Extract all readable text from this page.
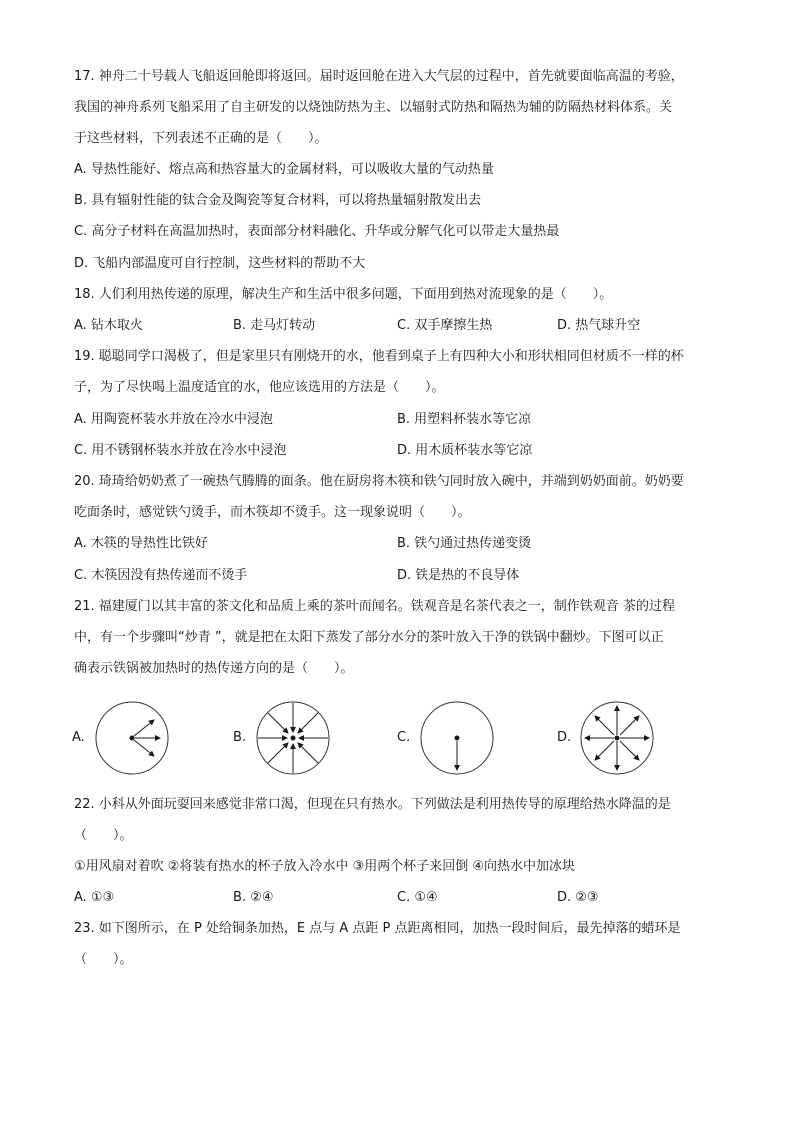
17. 神舟二十号载人飞船返回舱即将返回。届时返回舱在进入大气层的过程中，首先就要面临高温的考验，
我国的神舟系列飞船采用了自主研发的以烧蚀防热为主、以辐射式防热和隔热为辅的防隔热材料体系。关
于这些材料，下列表述不正确的是（　　）。
A. 导热性能好、熔点高和热容量大的金属材料，可以吸收大量的气动热量
B. 具有辐射性能的钛合金及陶瓷等复合材料，可以将热量辐射散发出去
C. 高分子材料在高温加热时，表面部分材料融化、升华或分解气化可以带走大量热最
D. 飞船内部温度可自行控制，这些材料的帮助不大
18. 人们利用热传递的原理，解决生产和生活中很多问题，下面用到热对流现象的是（　　）。
A. 钻木取火	B. 走马灯转动	C. 双手摩擦生热	D. 热气球升空
19. 聪聪同学口渴极了，但是家里只有刚烧开的水，他看到桌子上有四种大小和形状相同但材质不一样的杯
子，为了尽快喝上温度适宜的水，他应该选用的方法是（　　）。
A. 用陶瓷杯装水并放在冷水中浸泡	B. 用塑料杯装水等它凉
C. 用不锈钢杯装水并放在冷水中浸泡	D. 用木质杯装水等它凉
20. 琦琦给奶奶煮了一碗热气腾腾的面条。他在厨房将木筷和铁勺同时放入碗中，并端到奶奶面前。奶奶要
吃面条时，感觉铁勺烫手，而木筷却不烫手。这一现象说明（　　）。
A. 木筷的导热性比铁好	B. 铁勺通过热传递变烫
C. 木筷因没有热传递而不烫手	D. 铁是热的不良导体
21. 福建厦门以其丰富的茶文化和品质上乘的茶叶而闻名。铁观音是名茶代表之一，制作铁观音 茶的过程
中，有一个步骤叫“炒青 ”，就是把在太阳下蒸发了部分水分的茶叶放入干净的铁锅中翻炒。下图可以正
确表示铁锅被加热时的热传递方向的是（　　）。
A.	B.	C.	D.
22. 小科从外面玩耍回来感觉非常口渴，但现在只有热水。下列做法是利用热传导的原理给热水降温的是
（　　）。
①用风扇对着吹 ②将装有热水的杯子放入冷水中 ③用两个杯子来回倒 ④向热水中加冰块
A. ①③	B. ②④	C. ①④	D. ②③
23. 如下图所示，在 P 处给铜条加热，E 点与 A 点距 P 点距离相同，加热一段时间后，最先掉落的蜡环是
（　　）。
